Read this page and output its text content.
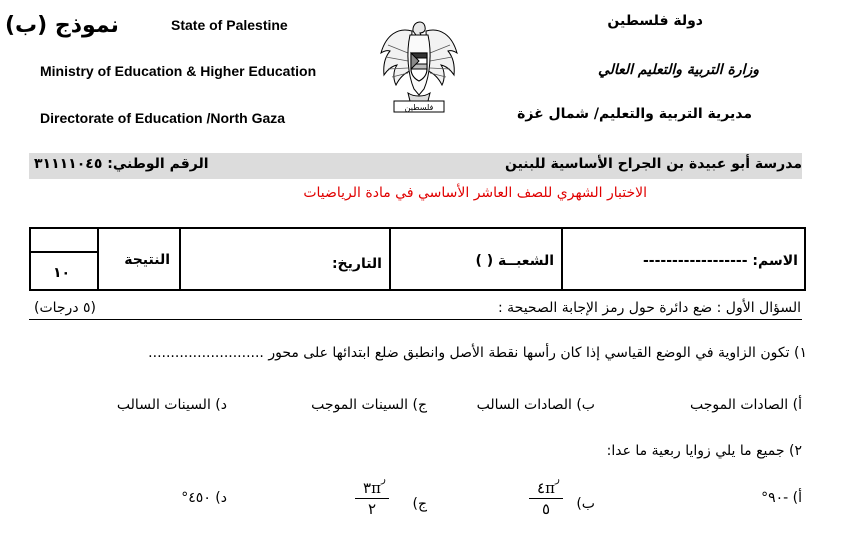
نموذج (ب)	State of Palestine
Ministry of Education & Higher Education
Directorate of Education /North Gaza
دولة فلسطين
وزارة التربية والتعليم العالي
مديرية التربية والتعليم/ شمال غزة
فلسطين
مدرسة أبو عبيدة بن الجراح الأساسية للبنين
الرقم الوطني: ٣١١١١٠٤٥
الاختبار الشهري للصف العاشر الأساسي في مادة الرياضيات
الاسم: ------------------
الشعبــة ( )
التاريخ:
النتيجة
١٠
السؤال الأول : ضع دائرة حول رمز الإجابة الصحيحة :
(٥ درجات)
١) تكون الزاوية في الوضع القياسي إذا كان رأسها نقطة الأصل وانطبق ضلع ابتدائها على محور ..........................
أ) الصادات الموجب
ب) الصادات السالب
ج) السينات الموجب
د) السينات السالب
٢) جميع ما يلي زوايا ربعية ما عدا:
أ) -٩٠°
ب)
٤π
٥
ر
ج)
٣π
٢
ر
د) ٤٥٠°
